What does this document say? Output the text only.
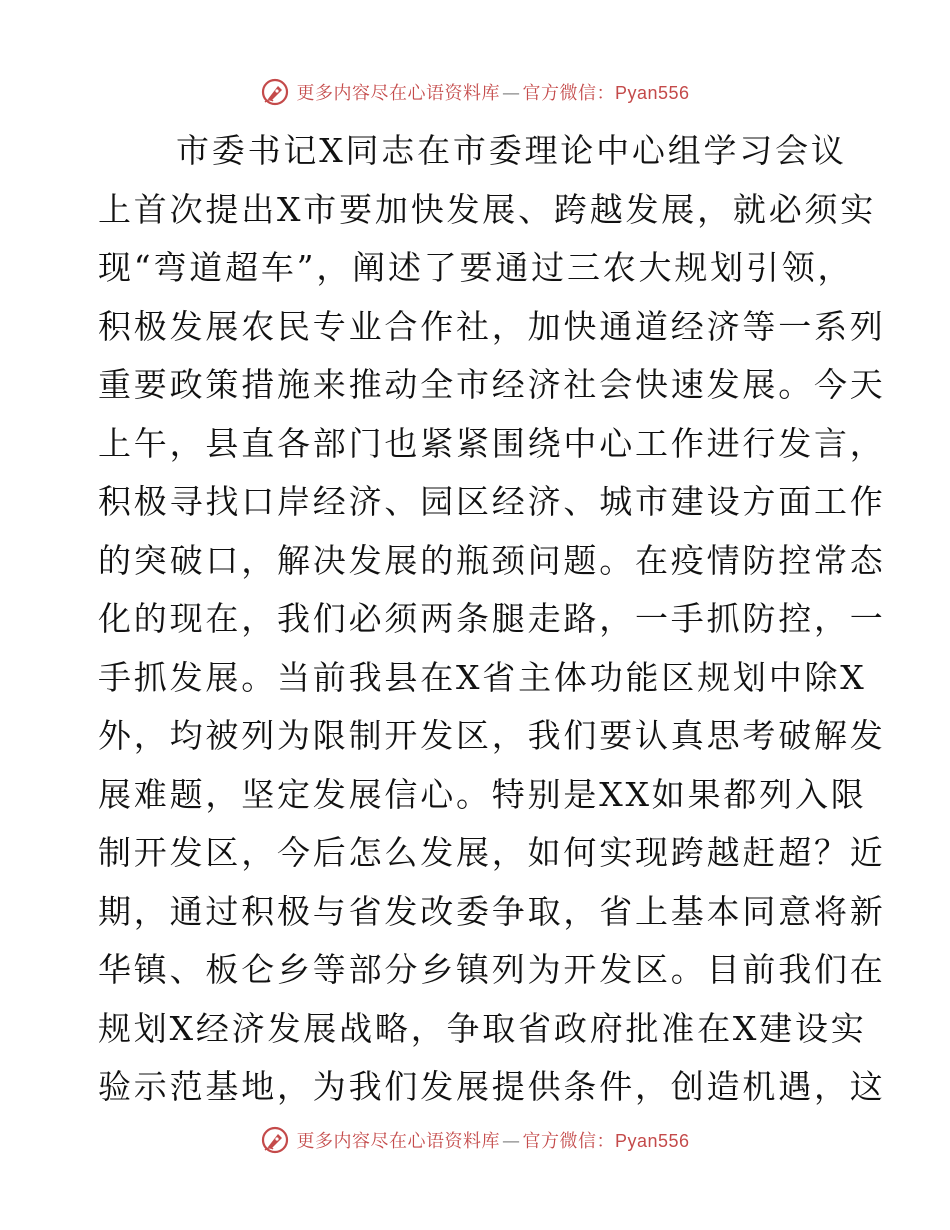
更多内容尽在心语资料库 — 官方微信：Pyan556
市委书记X同志在市委理论中心组学习会议
上首次提出X市要加快发展、跨越发展，就必须实
现“弯道超车”，阐述了要通过三农大规划引领，
积极发展农民专业合作社，加快通道经济等一系列
重要政策措施来推动全市经济社会快速发展。今天
上午，县直各部门也紧紧围绕中心工作进行发言，
积极寻找口岸经济、园区经济、城市建设方面工作
的突破口，解决发展的瓶颈问题。在疫情防控常态
化的现在，我们必须两条腿走路，一手抓防控，一
手抓发展。当前我县在X省主体功能区规划中除X
外，均被列为限制开发区，我们要认真思考破解发
展难题，坚定发展信心。特别是XX如果都列入限
制开发区，今后怎么发展，如何实现跨越赶超？近
期，通过积极与省发改委争取，省上基本同意将新
华镇、板仑乡等部分乡镇列为开发区。目前我们在
规划X经济发展战略，争取省政府批准在X建设实
验示范基地，为我们发展提供条件，创造机遇，这
更多内容尽在心语资料库 — 官方微信：Pyan556
